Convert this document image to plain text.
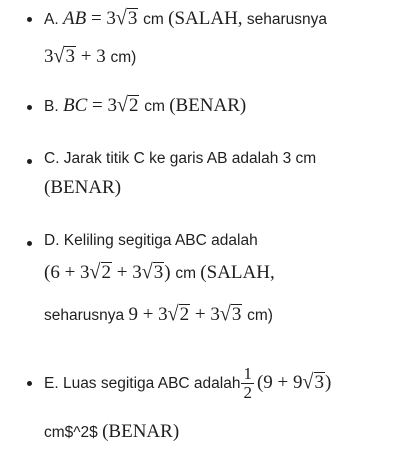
A. AB = 3√3 cm (SALAH, seharusnya
3√3 + 3 cm)
B. BC = 3√2 cm (BENAR)
C. Jarak titik C ke garis AB adalah 3 cm
(BENAR)
D. Keliling segitiga ABC adalah
(6 + 3√2 + 3√3) cm (SALAH,
seharusnya 9 + 3√2 + 3√3 cm)
E. Luas segitiga ABC adalah $\frac{1}{2} (9 + 9√3)$
cm$^2$ (BENAR)
